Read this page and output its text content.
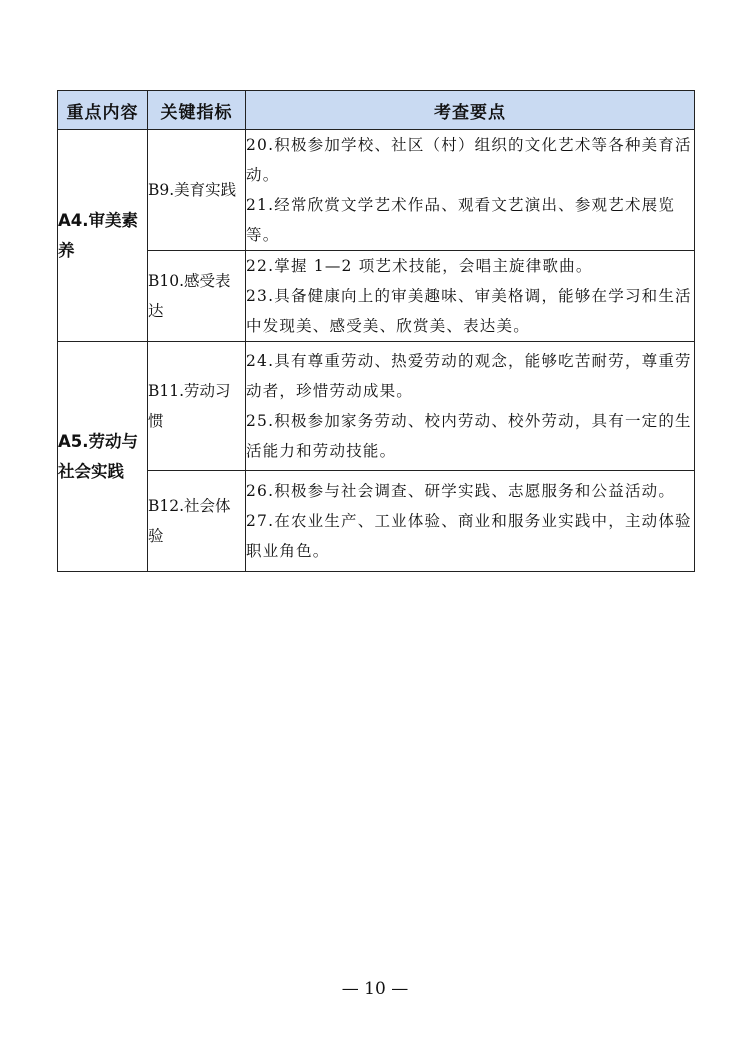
重点内容	关键指标	考查要点
A4.审美素养	B9.美育实践	20.积极参加学校、社区（村）组织的文化艺术等各种美育活动。

21.经常欣赏文学艺术作品、观看文艺演出、参观艺术展览等。

	B10.感受表达	22.掌握 1—2 项艺术技能，会唱主旋律歌曲。

23.具备健康向上的审美趣味、审美格调，能够在学习和生活中发现美、感受美、欣赏美、表达美。

A5.劳动与社会实践	B11.劳动习惯	24.具有尊重劳动、热爱劳动的观念，能够吃苦耐劳，尊重劳动者，珍惜劳动成果。

25.积极参加家务劳动、校内劳动、校外劳动，具有一定的生活能力和劳动技能。

	B12.社会体验	26.积极参与社会调查、研学实践、志愿服务和公益活动。

27.在农业生产、工业体验、商业和服务业实践中，主动体验职业角色。

— 10 —
